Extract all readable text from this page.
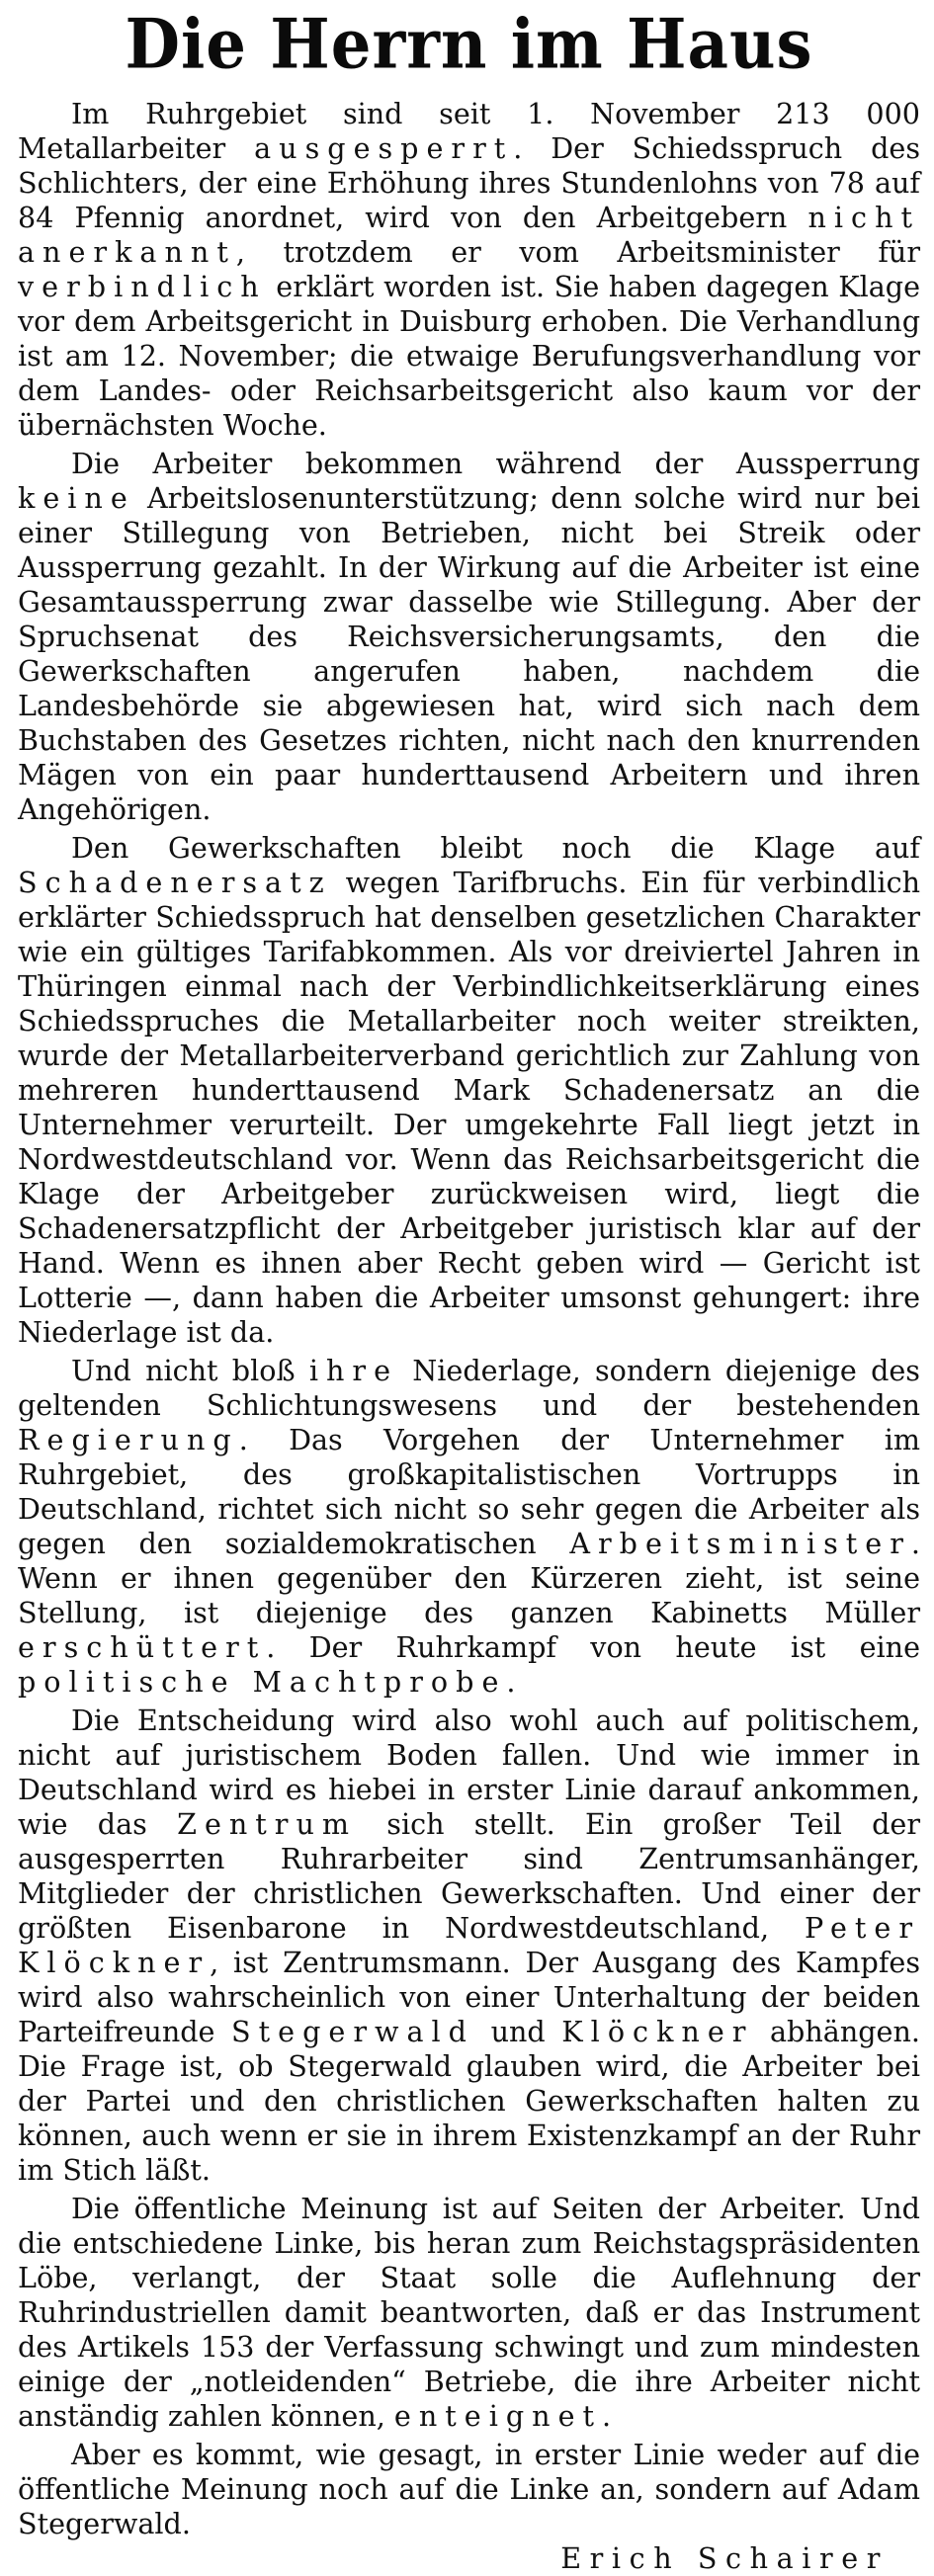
Die Herrn im Haus

Im Ruhrgebiet sind seit 1. November 213 000 Metallarbeiter ausgesperrt. Der Schiedsspruch des Schlichters, der eine Erhöhung ihres Stundenlohns von 78 auf 84 Pfennig anordnet, wird von den Arbeitgebern nicht anerkannt, trotzdem er vom Arbeitsminister für verbindlich erklärt worden ist. Sie haben dagegen Klage vor dem Arbeitsgericht in Duisburg erhoben. Die Verhandlung ist am 12. November; die etwaige Berufungsverhandlung vor dem Landes- oder Reichsarbeitsgericht also kaum vor der übernächsten Woche.

Die Arbeiter bekommen während der Aussperrung keine Arbeitslosenunterstützung; denn solche wird nur bei einer Stillegung von Betrieben, nicht bei Streik oder Aussperrung gezahlt. In der Wirkung auf die Arbeiter ist eine Gesamtaussperrung zwar dasselbe wie Stillegung. Aber der Spruchsenat des Reichsversicherungsamts, den die Gewerkschaften angerufen haben, nachdem die Landesbehörde sie abgewiesen hat, wird sich nach dem Buchstaben des Gesetzes richten, nicht nach den knurrenden Mägen von ein paar hunderttausend Arbeitern und ihren Angehörigen.

Den Gewerkschaften bleibt noch die Klage auf Schadenersatz wegen Tarifbruchs. Ein für verbindlich erklärter Schiedsspruch hat denselben gesetzlichen Charakter wie ein gültiges Tarifabkommen. Als vor dreiviertel Jahren in Thüringen einmal nach der Verbindlichkeitserklärung eines Schiedsspruches die Metallarbeiter noch weiter streikten, wurde der Metallarbeiterverband gerichtlich zur Zahlung von mehreren hunderttausend Mark Schadenersatz an die Unternehmer verurteilt. Der umgekehrte Fall liegt jetzt in Nordwestdeutschland vor. Wenn das Reichsarbeitsgericht die Klage der Arbeitgeber zurückweisen wird, liegt die Schadenersatzpflicht der Arbeitgeber juristisch klar auf der Hand. Wenn es ihnen aber Recht geben wird — Gericht ist Lotterie —, dann haben die Arbeiter umsonst gehungert: ihre Niederlage ist da.

Und nicht bloß ihre Niederlage, sondern diejenige des geltenden Schlichtungswesens und der bestehenden Regierung. Das Vorgehen der Unternehmer im Ruhrgebiet, des großkapitalistischen Vortrupps in Deutschland, richtet sich nicht so sehr gegen die Arbeiter als gegen den sozialdemokratischen Arbeitsminister. Wenn er ihnen gegenüber den Kürzeren zieht, ist seine Stellung, ist diejenige des ganzen Kabinetts Müller erschüttert. Der Ruhrkampf von heute ist eine politische Machtprobe.

Die Entscheidung wird also wohl auch auf politischem, nicht auf juristischem Boden fallen. Und wie immer in Deutschland wird es hiebei in erster Linie darauf ankommen, wie das Zentrum sich stellt. Ein großer Teil der ausgesperrten Ruhrarbeiter sind Zentrumsanhänger, Mitglieder der christlichen Gewerkschaften. Und einer der größten Eisenbarone in Nordwestdeutschland, Peter Klöckner, ist Zentrumsmann. Der Ausgang des Kampfes wird also wahrscheinlich von einer Unterhaltung der beiden Parteifreunde Stegerwald und Klöckner abhängen. Die Frage ist, ob Stegerwald glauben wird, die Arbeiter bei der Partei und den christlichen Gewerkschaften halten zu können, auch wenn er sie in ihrem Existenzkampf an der Ruhr im Stich läßt.

Die öffentliche Meinung ist auf Seiten der Arbeiter. Und die entschiedene Linke, bis heran zum Reichstagspräsidenten Löbe, verlangt, der Staat solle die Auflehnung der Ruhrindustriellen damit beantworten, daß er das Instrument des Artikels 153 der Verfassung schwingt und zum mindesten einige der „notleidenden“ Betriebe, die ihre Arbeiter nicht anständig zahlen können, enteignet.

Aber es kommt, wie gesagt, in erster Linie weder auf die öffentliche Meinung noch auf die Linke an, sondern auf Adam Stegerwald.

Erich Schairer
